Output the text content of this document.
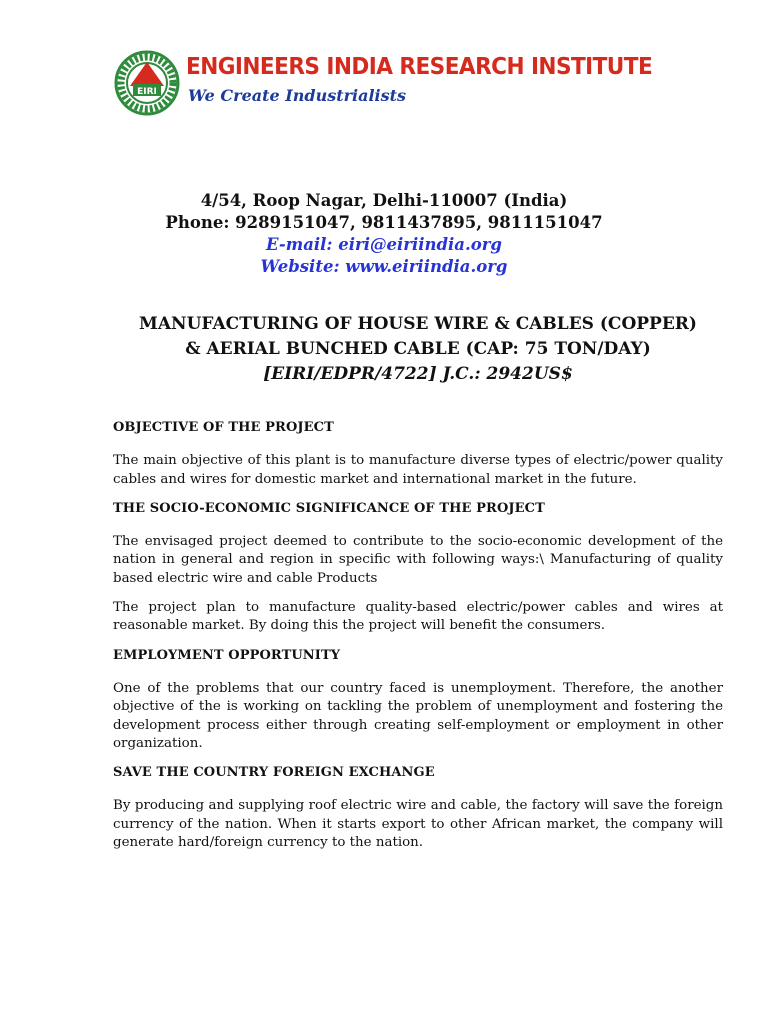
EIRI
ENGINEERS INDIA RESEARCH INSTITUTE
We Create Industrialists
4/54, Roop Nagar, Delhi-110007 (India)
Phone: 9289151047, 9811437895, 9811151047
E-mail: eiri@eiriindia.org
Website: www.eiriindia.org
MANUFACTURING OF HOUSE WIRE & CABLES (COPPER)
& AERIAL BUNCHED CABLE (CAP: 75 TON/DAY)
[EIRI/EDPR/4722] J.C.: 2942US$
OBJECTIVE OF THE PROJECT

The main objective of this plant is to manufacture diverse types of electric/power quality cables and wires for domestic market and international market in the future.

THE SOCIO-ECONOMIC SIGNIFICANCE OF THE PROJECT

The envisaged project deemed to contribute to the socio-economic development of the nation in general and region in specific with following ways:\ Manufacturing of quality based electric wire and cable Products

The project plan to manufacture quality-based electric/power cables and wires at reasonable market. By doing this the project will benefit the consumers.

EMPLOYMENT OPPORTUNITY

One of the problems that our country faced is unemployment. Therefore, the another objective of the is working on tackling the problem of unemployment and fostering the development process either through creating self-employment or employment in other organization.

SAVE THE COUNTRY FOREIGN EXCHANGE

By producing and supplying roof electric wire and cable, the factory will save the foreign currency of the nation. When it starts export to other African market, the company will generate hard/foreign currency to the nation.
